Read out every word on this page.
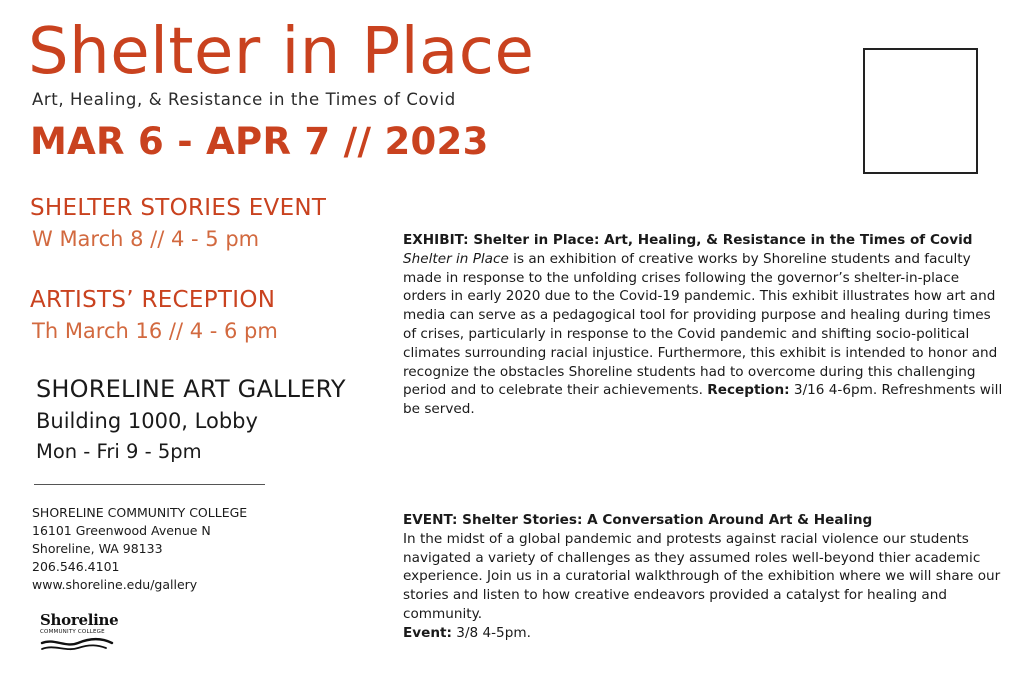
Shelter in Place
Art, Healing, & Resistance in the Times of Covid
MAR 6 - APR 7 // 2023
SHELTER STORIES EVENT
W March 8 // 4 - 5 pm
ARTISTS’ RECEPTION
Th March 16 // 4 - 6 pm
SHORELINE ART GALLERY
Building 1000, Lobby
Mon - Fri 9 - 5pm
SHORELINE COMMUNITY COLLEGE
16101 Greenwood Avenue N
Shoreline, WA 98133
206.546.4101
www.shoreline.edu/gallery
Shoreline
COMMUNITY COLLEGE
EXHIBIT: Shelter in Place: Art, Healing, & Resistance in the Times of Covid
Shelter in Place is an exhibition of creative works by Shoreline students and faculty made in response to the unfolding crises following the governor’s shelter-in-place orders in early 2020 due to the Covid-19 pandemic. This exhibit illustrates how art and media can serve as a pedagogical tool for providing purpose and healing during times of crises, particularly in response to the Covid pandemic and shifting socio-political climates surrounding racial injustice. Furthermore, this exhibit is intended to honor and recognize the obstacles Shoreline students had to overcome during this challenging period and to celebrate their achievements. Reception: 3/16 4-6pm. Refreshments will be served.
EVENT: Shelter Stories: A Conversation Around Art & Healing
In the midst of a global pandemic and protests against racial violence our students navigated a variety of challenges as they assumed roles well-beyond thier academic experience. Join us in a curatorial walkthrough of the exhibition where we will share our stories and listen to how creative endeavors provided a catalyst for healing and community.
Event: 3/8 4-5pm.
